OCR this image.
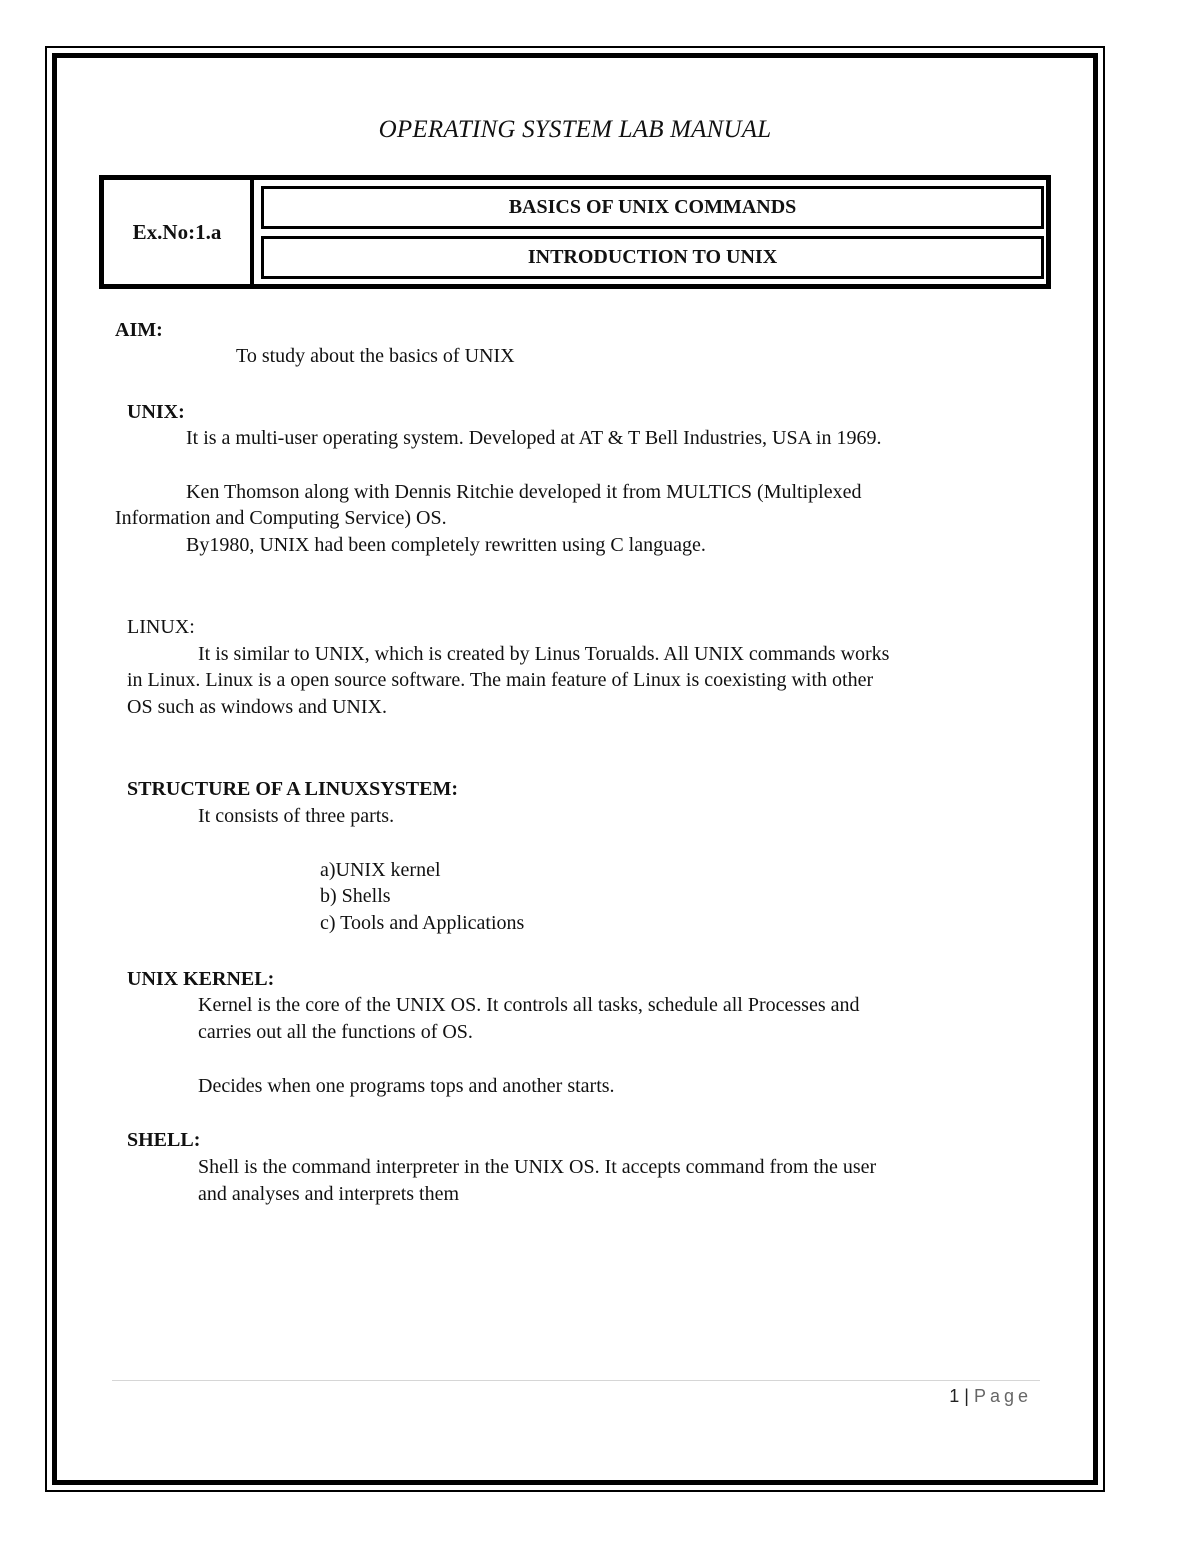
OPERATING SYSTEM LAB MANUAL
Ex.No:1.a
BASICS OF UNIX COMMANDS
INTRODUCTION TO UNIX
AIM:
To study about the basics of UNIX
UNIX:
It is a multi-user operating system. Developed at AT & T Bell Industries, USA in 1969.
Ken Thomson along with Dennis Ritchie developed it from MULTICS (Multiplexed
Information and Computing Service) OS.
By1980, UNIX had been completely rewritten using C language.
LINUX:
It is similar to UNIX, which is created by Linus Torualds. All UNIX commands works
in Linux. Linux is a open source software. The main feature of Linux is coexisting with other
OS such as windows and UNIX.
STRUCTURE OF A LINUXSYSTEM:
It consists of three parts.
a)UNIX kernel
b) Shells
c) Tools and Applications
UNIX KERNEL:
Kernel is the core of the UNIX OS. It controls all tasks, schedule all Processes and
carries out all the functions of OS.
Decides when one programs tops and another starts.
SHELL:
Shell is the command interpreter in the UNIX OS. It accepts command from the user
and analyses and interprets them
1 | Page
